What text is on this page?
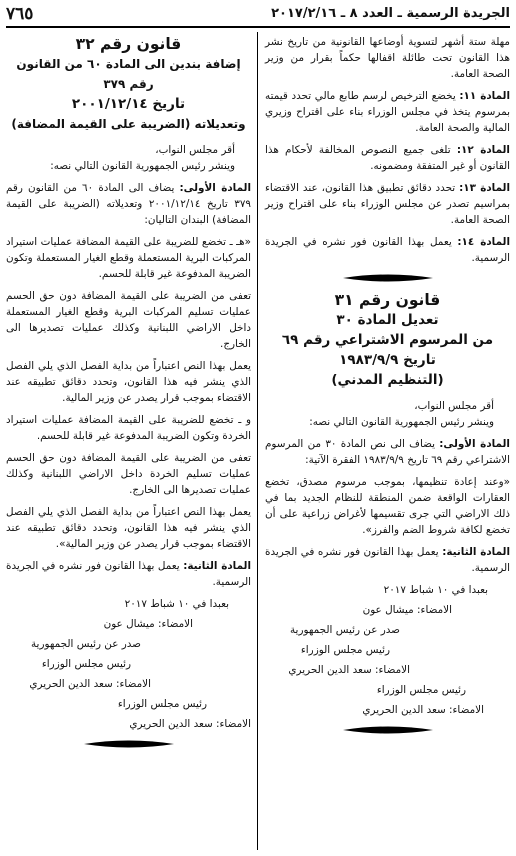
الجريدة الرسمية ـ العدد ٨ ـ ٢٠١٧/٢/١٦
٧٦٥

مهلة ستة أشهر لتسوية أوضاعها القانونية من تاريخ نشر هذا القانون تحت طائلة اقفالها حكماً بقرار من وزير الصحة العامة.

المادة ١١: يخضع الترخيص لرسم طابع مالي تحدد قيمته بمرسوم يتخذ في مجلس الوزراء بناء على اقتراح وزيري المالية والصحة العامة.

المادة ١٢: تلغى جميع النصوص المخالفة لأحكام هذا القانون أو غير المتفقة ومضمونه.

المادة ١٣: تحدد دقائق تطبيق هذا القانون، عند الاقتضاء بمراسيم تصدر عن مجلس الوزراء بناء على اقتراح وزير الصحة العامة.

المادة ١٤: يعمل بهذا القانون فور نشره في الجريدة الرسمية.

قانون رقم ٣١
تعديل المادة ٣٠
من المرسوم الاشتراعي رقم ٦٩
تاريخ ١٩٨٣/٩/٩
(التنظيم المدني)

أقر مجلس النواب،

وينشر رئيس الجمهورية القانون التالي نصه:

المادة الأولى: يضاف الى نص المادة ٣٠ من المرسوم الاشتراعي رقم ٦٩ تاريخ ١٩٨٣/٩/٩ الفقرة الآتية:

«وعند إعادة تنظيمها، بموجب مرسوم مصدق، تخضع العقارات الواقعة ضمن المنطقة للنظام الجديد بما في ذلك الاراضي التي جرى تقسيمها لأغراض زراعية على أن تخضع لكافة شروط الضم والفرز».

المادة الثانية: يعمل بهذا القانون فور نشره في الجريدة الرسمية.

بعبدا في ١٠ شباط ٢٠١٧
الامضاء: ميشال عون
صدر عن رئيس الجمهورية
رئيس مجلس الوزراء
الامضاء: سعد الدين الحريري
رئيس مجلس الوزراء
الامضاء: سعد الدين الحريري
قانون رقم ٣٢
إضافة بندين الى المادة ٦٠ من القانون رقم ٣٧٩
تاريخ ٢٠٠١/١٢/١٤
وتعديلاته (الضريبة على القيمة المضافة)

أقر مجلس النواب،

وينشر رئيس الجمهورية القانون التالي نصه:

المادة الأولى: يضاف الى المادة ٦٠ من القانون رقم ٣٧٩ تاريخ ٢٠٠١/١٢/١٤ وتعديلاته (الضريبة على القيمة المضافة) البندان التاليان:

«هـ ـ تخضع للضريبة على القيمة المضافة عمليات استيراد المركبات البرية المستعملة وقطع الغيار المستعملة وتكون الضريبة المدفوعة غير قابلة للحسم.

تعفى من الضريبة على القيمة المضافة دون حق الحسم عمليات تسليم المركبات البرية وقطع الغيار المستعملة داخل الاراضي اللبنانية وكذلك عمليات تصديرها الى الخارج.

يعمل بهذا النص اعتباراً من بداية الفصل الذي يلي الفصل الذي ينشر فيه هذا القانون، وتحدد دقائق تطبيقه عند الاقتضاء بموجب قرار يصدر عن وزير المالية.

و ـ تخضع للضريبة على القيمة المضافة عمليات استيراد الخردة وتكون الضريبة المدفوعة غير قابلة للحسم.

تعفى من الضريبة على القيمة المضافة دون حق الحسم عمليات تسليم الخردة داخل الاراضي اللبنانية وكذلك عمليات تصديرها الى الخارج.

يعمل بهذا النص اعتباراً من بداية الفصل الذي يلي الفصل الذي ينشر فيه هذا القانون، وتحدد دقائق تطبيقه عند الاقتضاء بموجب قرار يصدر عن وزير المالية».

المادة الثانية: يعمل بهذا القانون فور نشره في الجريدة الرسمية.

بعبدا في ١٠ شباط ٢٠١٧
الامضاء: ميشال عون
صدر عن رئيس الجمهورية
رئيس مجلس الوزراء
الامضاء: سعد الدين الحريري
رئيس مجلس الوزراء
الامضاء: سعد الدين الحريري
